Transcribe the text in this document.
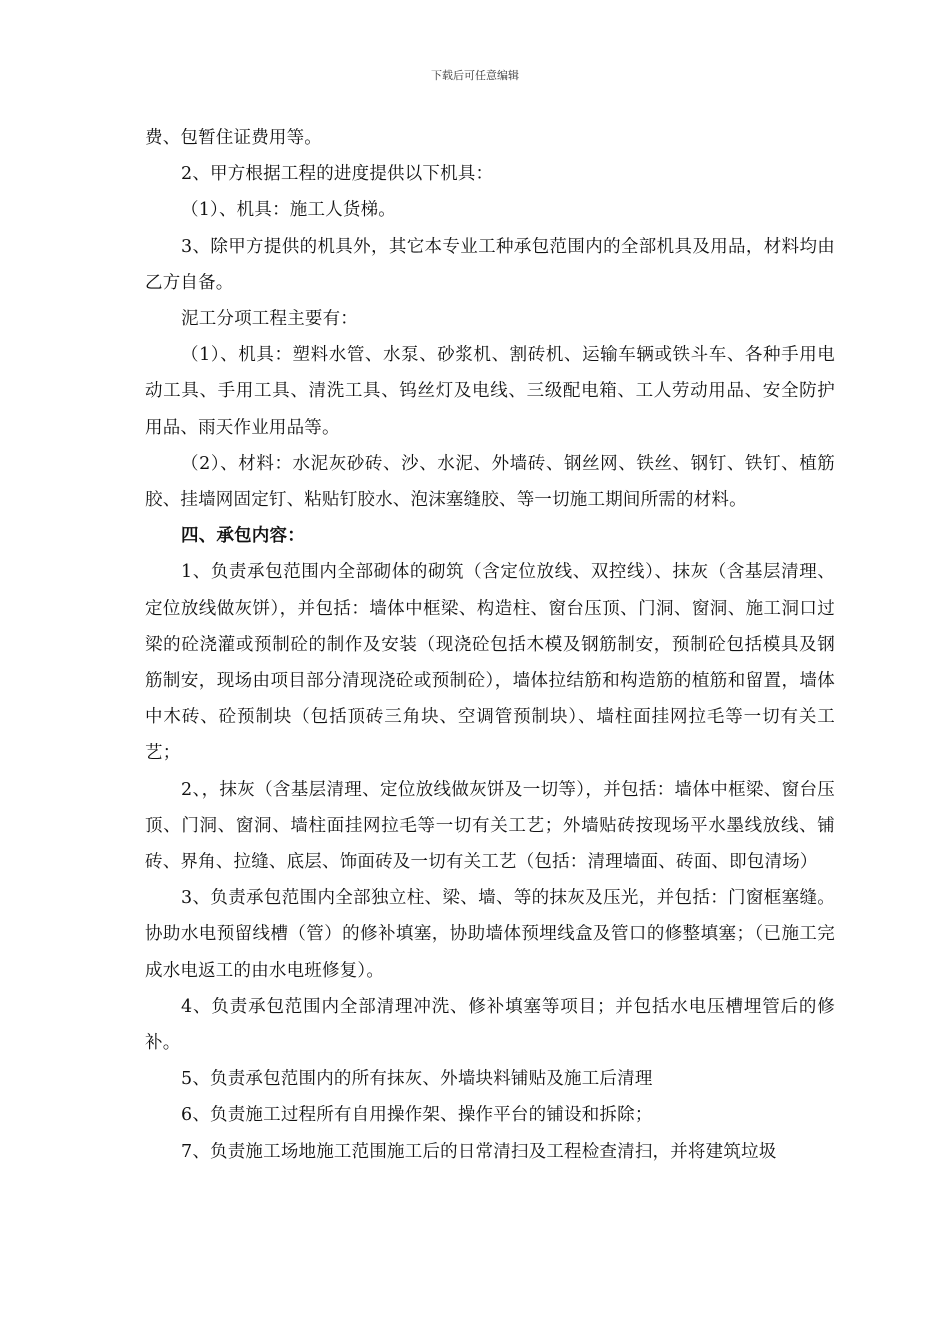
下载后可任意编辑

费、包暂住证费用等。

2、甲方根据工程的进度提供以下机具：

（1）、机具：施工人货梯。

3、除甲方提供的机具外，其它本专业工种承包范围内的全部机具及用品，材料均由乙方自备。

泥工分项工程主要有：

（1）、机具：塑料水管、水泵、砂浆机、割砖机、运输车辆或铁斗车、各种手用电动工具、手用工具、清洗工具、钨丝灯及电线、三级配电箱、工人劳动用品、安全防护用品、雨天作业用品等。

（2）、材料：水泥灰砂砖、沙、水泥、外墙砖、钢丝网、铁丝、钢钉、铁钉、植筋胶、挂墙网固定钉、粘贴钉胶水、泡沫塞缝胶、等一切施工期间所需的材料。

四、承包内容：

1、负责承包范围内全部砌体的砌筑（含定位放线、双控线）、抹灰（含基层清理、定位放线做灰饼），并包括：墙体中框梁、构造柱、窗台压顶、门洞、窗洞、施工洞口过梁的砼浇灌或预制砼的制作及安装（现浇砼包括木模及钢筋制安，预制砼包括模具及钢筋制安，现场由项目部分清现浇砼或预制砼），墙体拉结筋和构造筋的植筋和留置，墙体中木砖、砼预制块（包括顶砖三角块、空调管预制块）、墙柱面挂网拉毛等一切有关工艺；

2、，抹灰（含基层清理、定位放线做灰饼及一切等），并包括：墙体中框梁、窗台压顶、门洞、窗洞、墙柱面挂网拉毛等一切有关工艺；外墙贴砖按现场平水墨线放线、铺砖、界角、拉缝、底层、饰面砖及一切有关工艺（包括：清理墙面、砖面、即包清场）

3、负责承包范围内全部独立柱、梁、墙、等的抹灰及压光，并包括：门窗框塞缝。协助水电预留线槽（管）的修补填塞，协助墙体预埋线盒及管口的修整填塞；（已施工完成水电返工的由水电班修复）。

4、负责承包范围内全部清理冲洗、修补填塞等项目；并包括水电压槽埋管后的修补。

5、负责承包范围内的所有抹灰、外墙块料铺贴及施工后清理

6、负责施工过程所有自用操作架、操作平台的铺设和拆除；

7、负责施工场地施工范围施工后的日常清扫及工程检查清扫，并将建筑垃圾
